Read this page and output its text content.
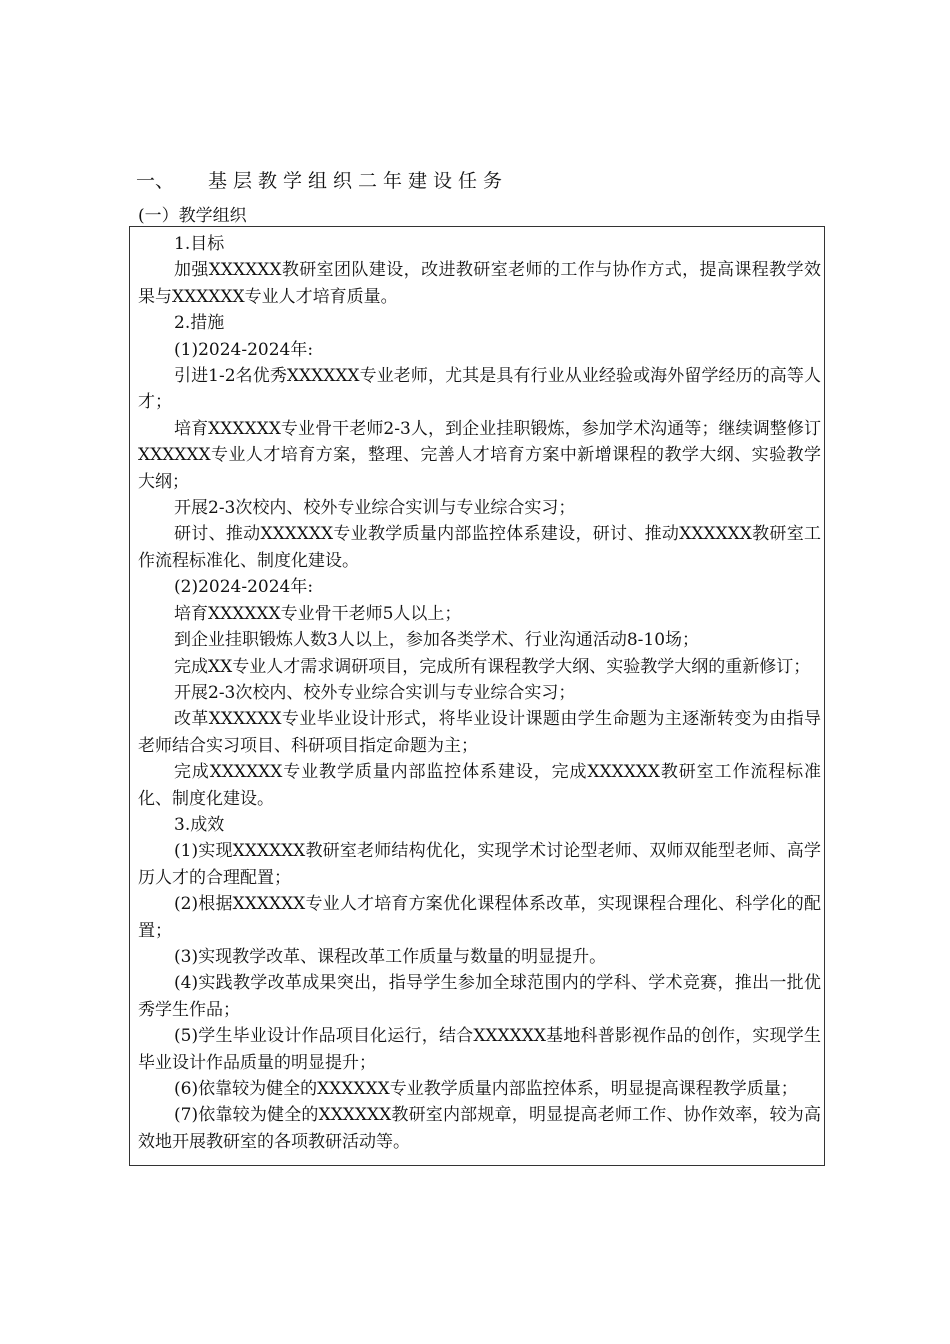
一、 基层教学组织二年建设任务
(一）教学组织

1.目标

加强XXXXXX教研室团队建设，改进教研室老师的工作与协作方式，提高课程教学效果与XXXXXX专业人才培育质量。

2.措施

(1)2024-2024年:

引进1-2名优秀XXXXXX专业老师，尤其是具有行业从业经验或海外留学经历的高等人才；

培育XXXXXX专业骨干老师2-3人，到企业挂职锻炼，参加学术沟通等；继续调整修订XXXXXX专业人才培育方案，整理、完善人才培育方案中新增课程的教学大纲、实验教学大纲；

开展2-3次校内、校外专业综合实训与专业综合实习；

研讨、推动XXXXXX专业教学质量内部监控体系建设，研讨、推动XXXXXX教研室工作流程标准化、制度化建设。

(2)2024-2024年:

培育XXXXXX专业骨干老师5人以上；

到企业挂职锻炼人数3人以上，参加各类学术、行业沟通活动8-10场；

完成XX专业人才需求调研项目，完成所有课程教学大纲、实验教学大纲的重新修订；

开展2-3次校内、校外专业综合实训与专业综合实习；

改革XXXXXX专业毕业设计形式，将毕业设计课题由学生命题为主逐渐转变为由指导老师结合实习项目、科研项目指定命题为主；

完成XXXXXX专业教学质量内部监控体系建设，完成XXXXXX教研室工作流程标准化、制度化建设。

3.成效

(1)实现XXXXXX教研室老师结构优化，实现学术讨论型老师、双师双能型老师、高学历人才的合理配置；

(2)根据XXXXXX专业人才培育方案优化课程体系改革，实现课程合理化、科学化的配置；

(3)实现教学改革、课程改革工作质量与数量的明显提升。

(4)实践教学改革成果突出，指导学生参加全球范围内的学科、学术竞赛，推出一批优秀学生作品；

(5)学生毕业设计作品项目化运行，结合XXXXXX基地科普影视作品的创作，实现学生毕业设计作品质量的明显提升；

(6)依靠较为健全的XXXXXX专业教学质量内部监控体系，明显提高课程教学质量；

(7)依靠较为健全的XXXXXX教研室内部规章，明显提高老师工作、协作效率，较为高效地开展教研室的各项教研活动等。
